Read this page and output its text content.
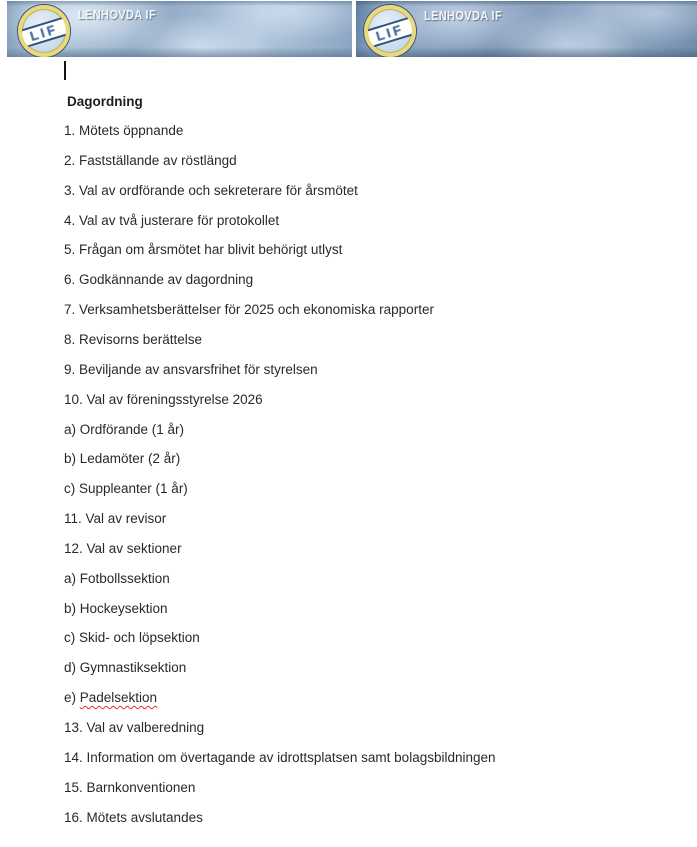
LIF
LENHOVDA IF
LIF
LENHOVDA IF

Dagordning

1. Mötets öppnande

2. Fastställande av röstlängd

3. Val av ordförande och sekreterare för årsmötet

4. Val av två justerare för protokollet

5. Frågan om årsmötet har blivit behörigt utlyst

6. Godkännande av dagordning

7. Verksamhetsberättelser för 2025 och ekonomiska rapporter

8. Revisorns berättelse

9. Beviljande av ansvarsfrihet för styrelsen

10. Val av föreningsstyrelse 2026

a) Ordförande (1 år)

b) Ledamöter (2 år)

c) Suppleanter (1 år)

11. Val av revisor

12. Val av sektioner

a) Fotbollssektion

b) Hockeysektion

c) Skid- och löpsektion

d) Gymnastiksektion

e) Padelsektion

13. Val av valberedning

14. Information om övertagande av idrottsplatsen samt bolagsbildningen

15. Barnkonventionen

16. Mötets avslutandes
